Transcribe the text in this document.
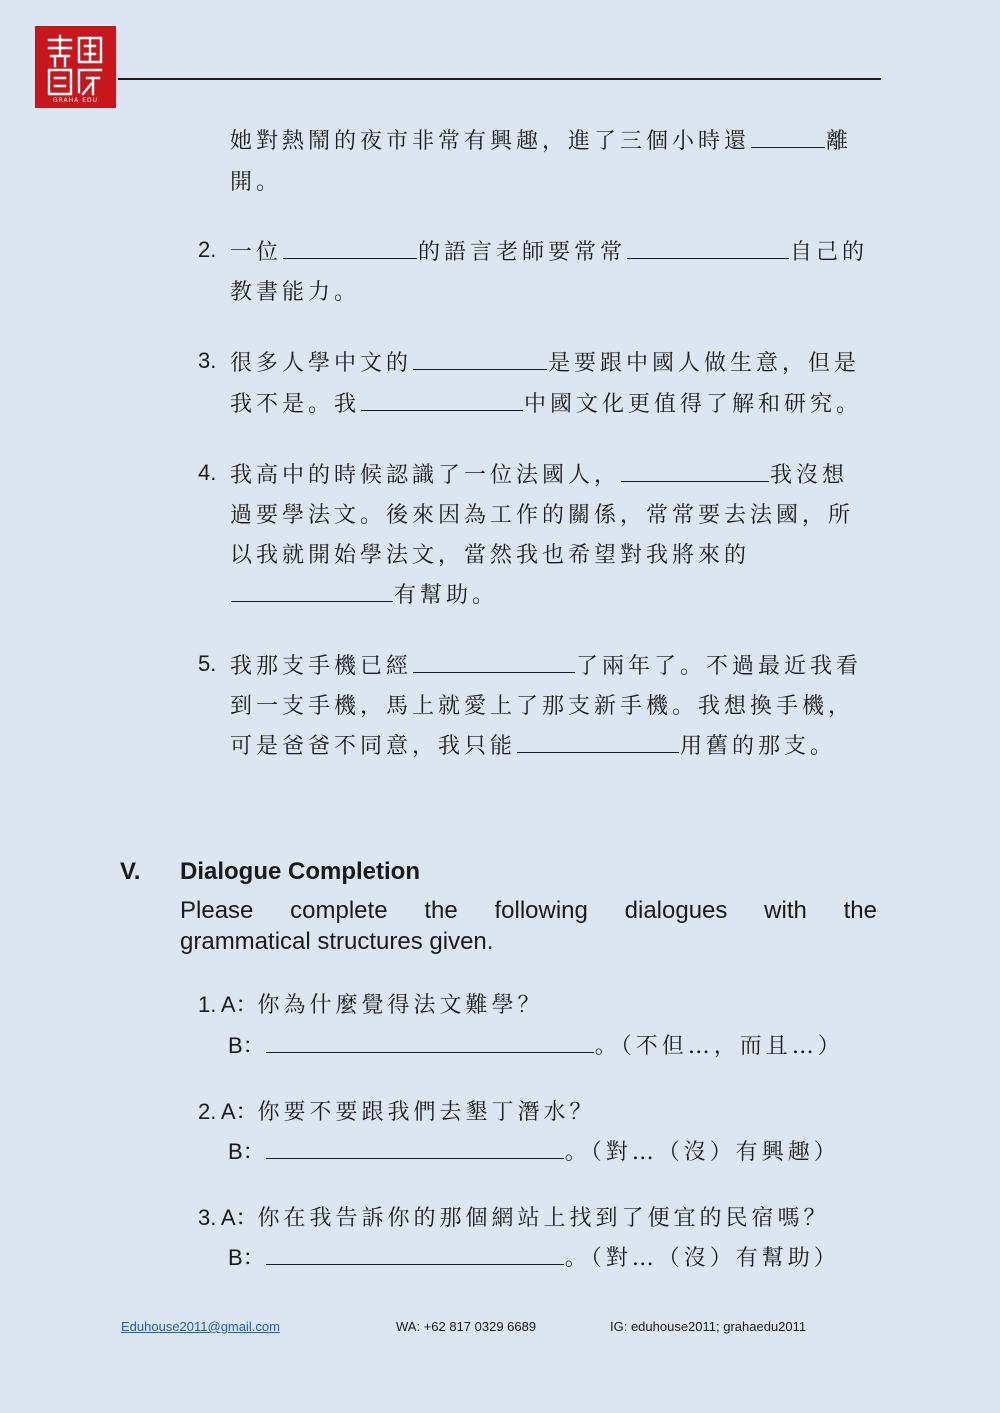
GRAHA EDU
她對熱鬧的夜市非常有興趣，進了三個小時還	離
開。
2. 一位	的語言老師要常常	自己的
教書能力。
3. 很多人學中文的	是要跟中國人做生意，但是
我不是。我	中國文化更值得了解和研究。
4. 我高中的時候認識了一位法國人，	我沒想
過要學法文。後來因為工作的關係，常常要去法國，所
以我就開始學法文，當然我也希望對我將來的
有幫助。
5. 我那支手機已經	了兩年了。不過最近我看
到一支手機，馬上就愛上了那支新手機。我想換手機，
可是爸爸不同意，我只能	用舊的那支。
V. Dialogue Completion
Please complete the following dialogues with the
grammatical structures given.
1. A：你為什麼覺得法文難學？
B：	。（不但…，而且…）
2. A：你要不要跟我們去墾丁潛水？
B：	。（對…（沒）有興趣）
3. A：你在我告訴你的那個網站上找到了便宜的民宿嗎？
B：	。（對…（沒）有幫助）
Eduhouse2011@gmail.com	WA: +62 817 0329 6689	IG: eduhouse2011; grahaedu2011
